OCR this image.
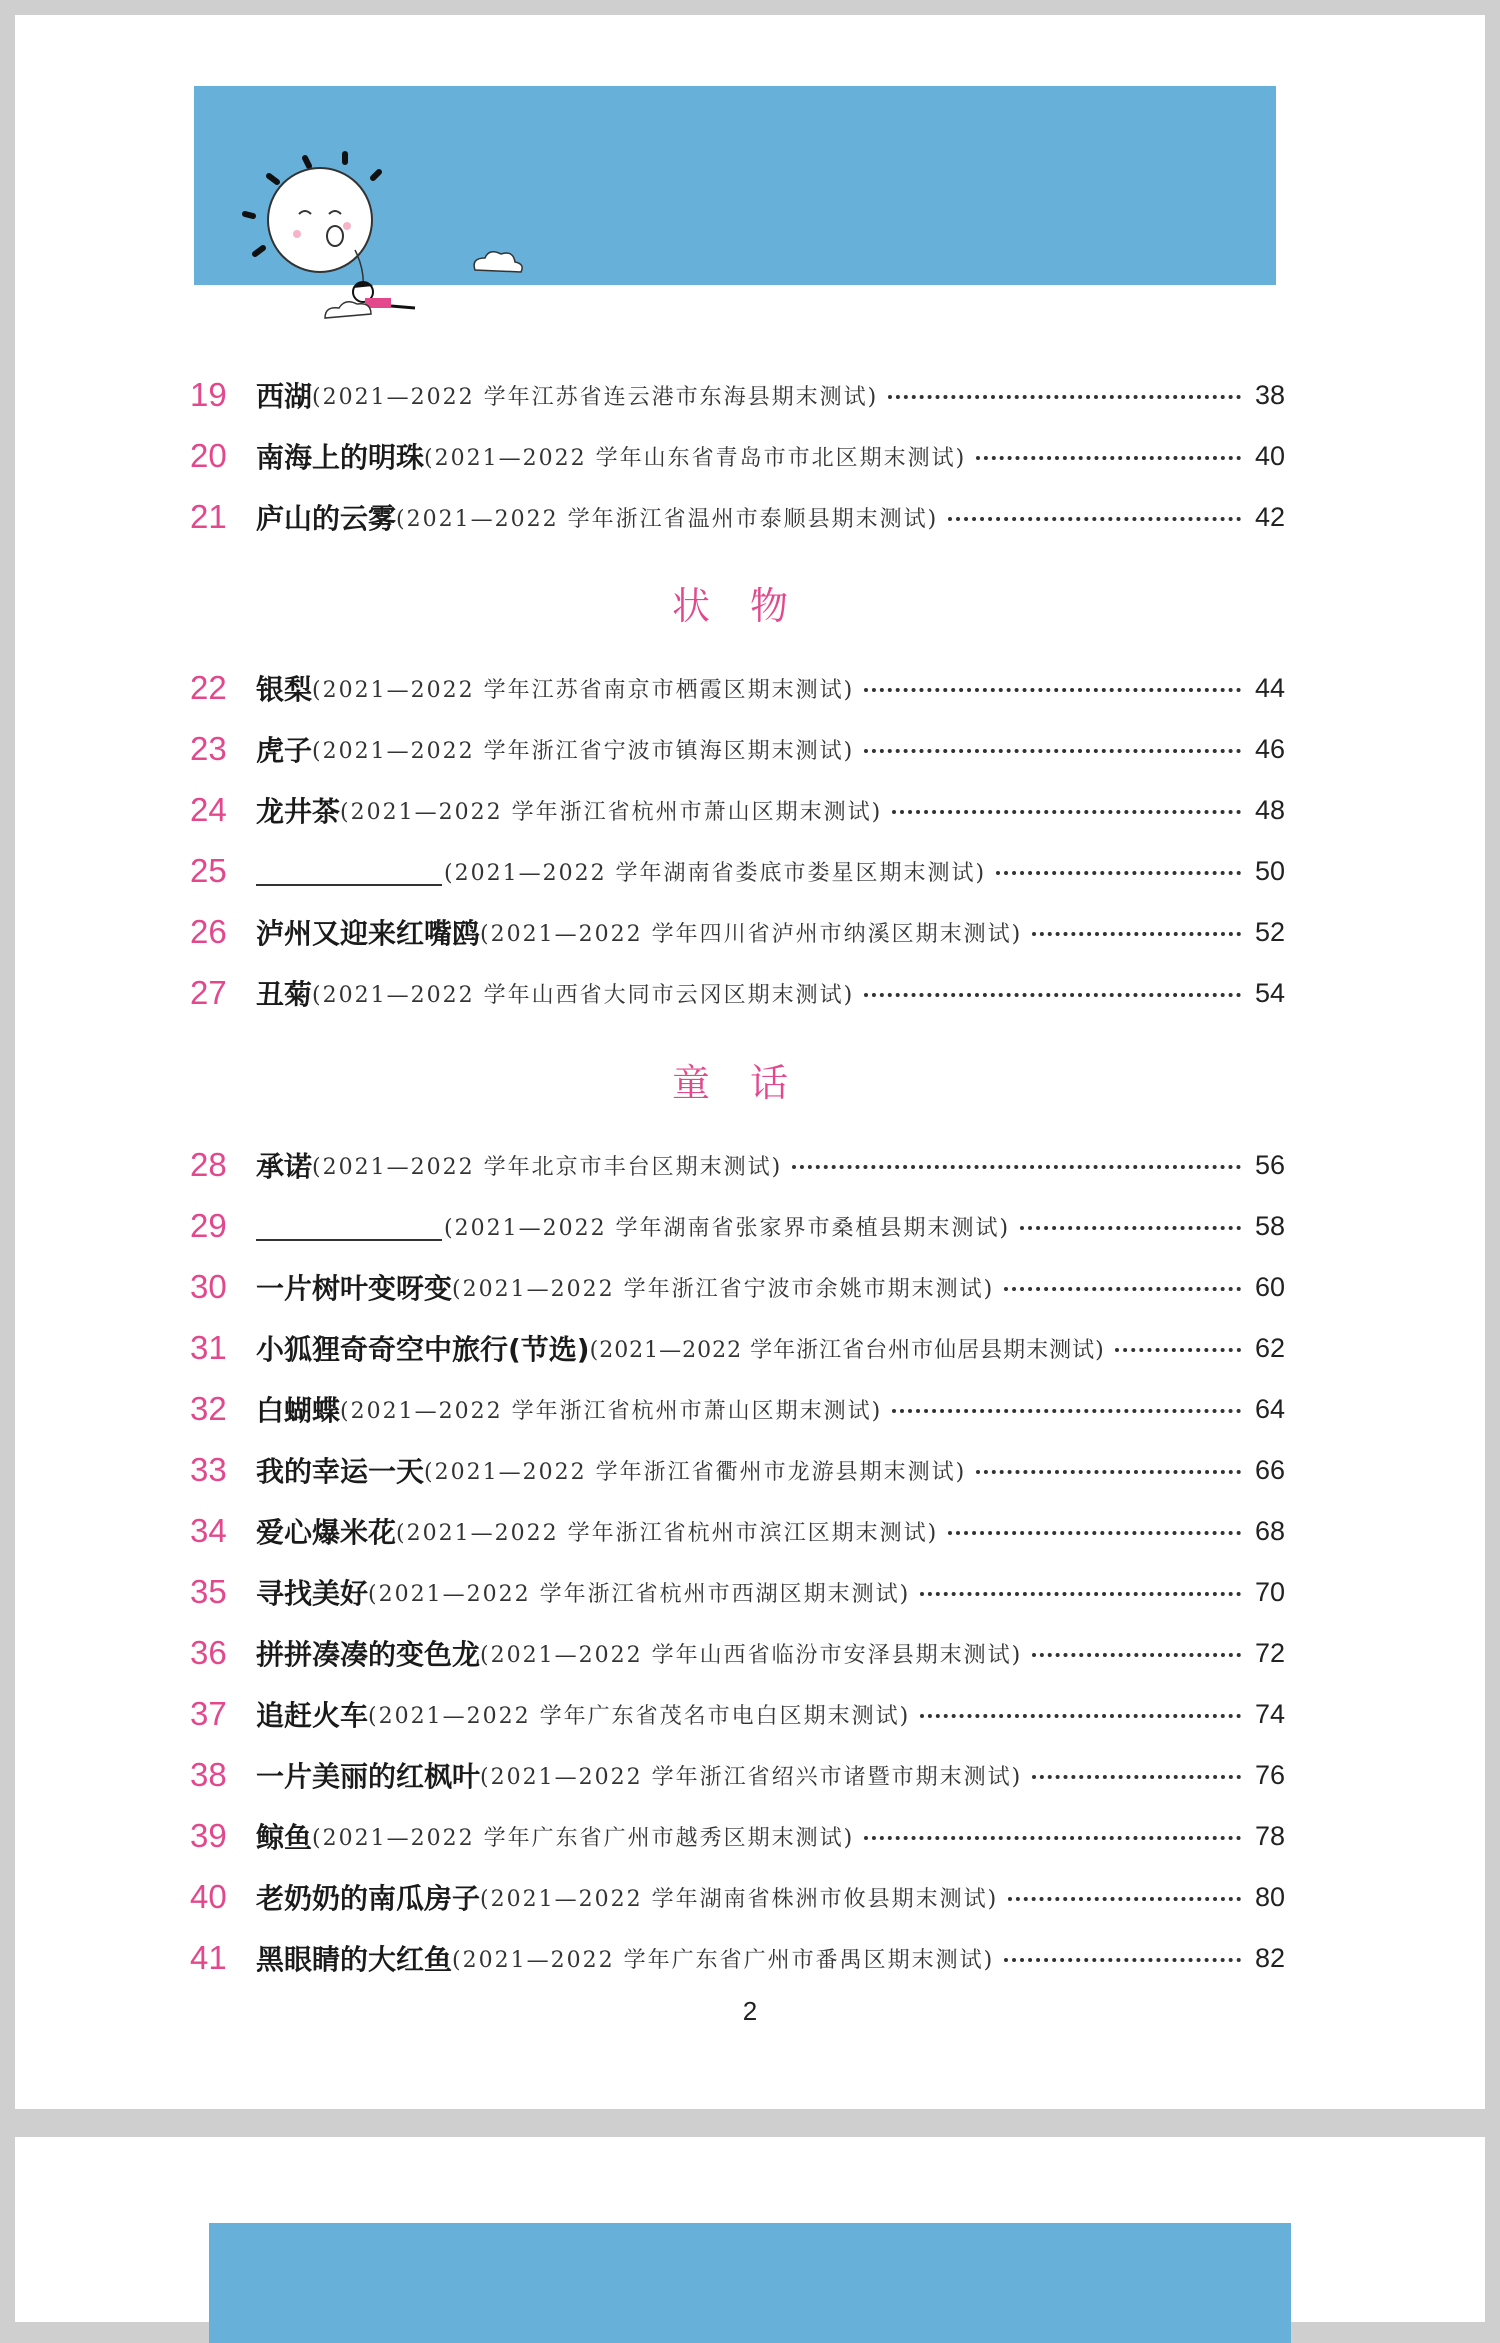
19	西湖 (2021—2022 学年江苏省连云港市东海县期末测试)	38
20	南海上的明珠 (2021—2022 学年山东省青岛市市北区期末测试)	40
21	庐山的云雾 (2021—2022 学年浙江省温州市泰顺县期末测试)	42
状物
22	银梨 (2021—2022 学年江苏省南京市栖霞区期末测试)	44
23	虎子 (2021—2022 学年浙江省宁波市镇海区期末测试)	46
24	龙井茶 (2021—2022 学年浙江省杭州市萧山区期末测试)	48
25	(2021—2022 学年湖南省娄底市娄星区期末测试)	50
26	泸州又迎来红嘴鸥 (2021—2022 学年四川省泸州市纳溪区期末测试)	52
27	丑菊 (2021—2022 学年山西省大同市云冈区期末测试)	54
童话
28	承诺 (2021—2022 学年北京市丰台区期末测试)	56
29	(2021—2022 学年湖南省张家界市桑植县期末测试)	58
30	一片树叶变呀变 (2021—2022 学年浙江省宁波市余姚市期末测试)	60
31	小狐狸奇奇空中旅行(节选) (2021—2022 学年浙江省台州市仙居县期末测试)	62
32	白蝴蝶 (2021—2022 学年浙江省杭州市萧山区期末测试)	64
33	我的幸运一天 (2021—2022 学年浙江省衢州市龙游县期末测试)	66
34	爱心爆米花 (2021—2022 学年浙江省杭州市滨江区期末测试)	68
35	寻找美好 (2021—2022 学年浙江省杭州市西湖区期末测试)	70
36	拼拼凑凑的变色龙 (2021—2022 学年山西省临汾市安泽县期末测试)	72
37	追赶火车 (2021—2022 学年广东省茂名市电白区期末测试)	74
38	一片美丽的红枫叶 (2021—2022 学年浙江省绍兴市诸暨市期末测试)	76
39	鲸鱼 (2021—2022 学年广东省广州市越秀区期末测试)	78
40	老奶奶的南瓜房子 (2021—2022 学年湖南省株洲市攸县期末测试)	80
41	黑眼睛的大红鱼 (2021—2022 学年广东省广州市番禺区期末测试)	82
2
